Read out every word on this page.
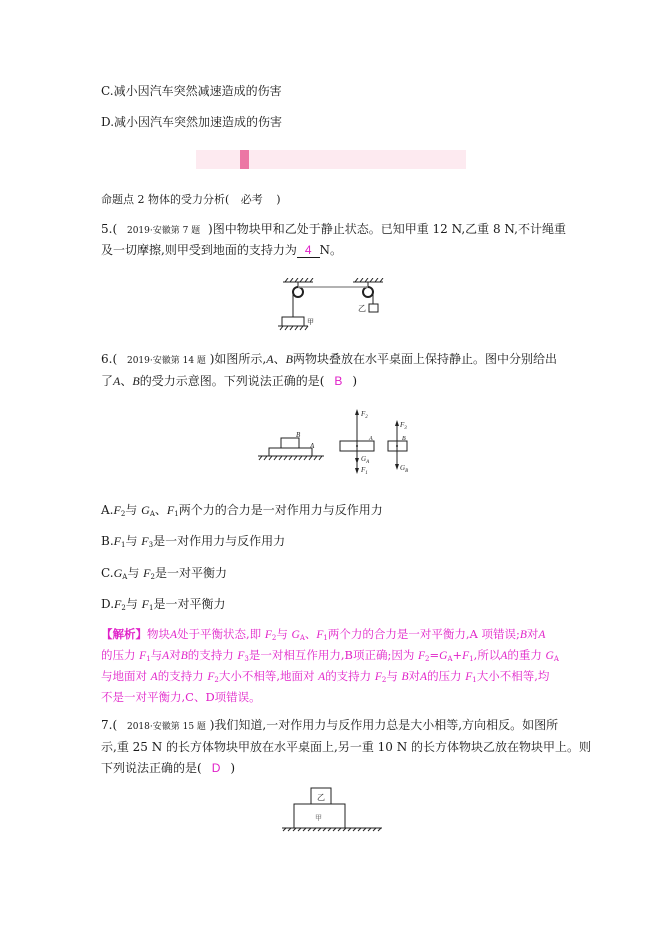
C.减小因汽车突然减速造成的伤害
D.减小因汽车突然加速造成的伤害
命题点 2 物体的受力分析( 必考 )
5.( 2019·安徽第 7 题 )图中物块甲和乙处于静止状态。已知甲重 12 N,乙重 8 N,不计绳重
及一切摩擦,则甲受到地面的支持力为 4 N。
甲
乙
6.( 2019·安徽第 14 题 )如图所示,A、B两物块叠放在水平桌面上保持静止。图中分别给出
了A、B的受力示意图。下列说法正确的是( B )
B
A
$F_2$
A
$G_A$
$F_1$
$F_3$
B
$G_B$
$A.F_2$与 $G_A$、$F_1$两个力的合力是一对作用力与反作用力
$B.F_1$与 $F_3$是一对作用力与反作用力
$C.G_A$与 $F_2$是一对平衡力
$D.F_2$与 $F_1$是一对平衡力
【解析】物块A处于平衡状态,即 $F_2$与 $G_A$、$F_1$两个力的合力是一对平衡力,A 项错误;B对A
的压力 $F_1$与A对B的支持力 $F_3$是一对相互作用力,B项正确;因为 $F_2=G_A+F_1$,所以A的重力 $G_A$
与地面对 A的支持力 $F_2$大小不相等,地面对 A的支持力 $F_2$与 B对A的压力 $F_1$大小不相等,均
不是一对平衡力,C、D项错误。
7.( 2018·安徽第 15 题 )我们知道,一对作用力与反作用力总是大小相等,方向相反。如图所
示,重 25 N 的长方体物块甲放在水平桌面上,另一重 10 N 的长方体物块乙放在物块甲上。则
下列说法正确的是( D )
乙
甲
